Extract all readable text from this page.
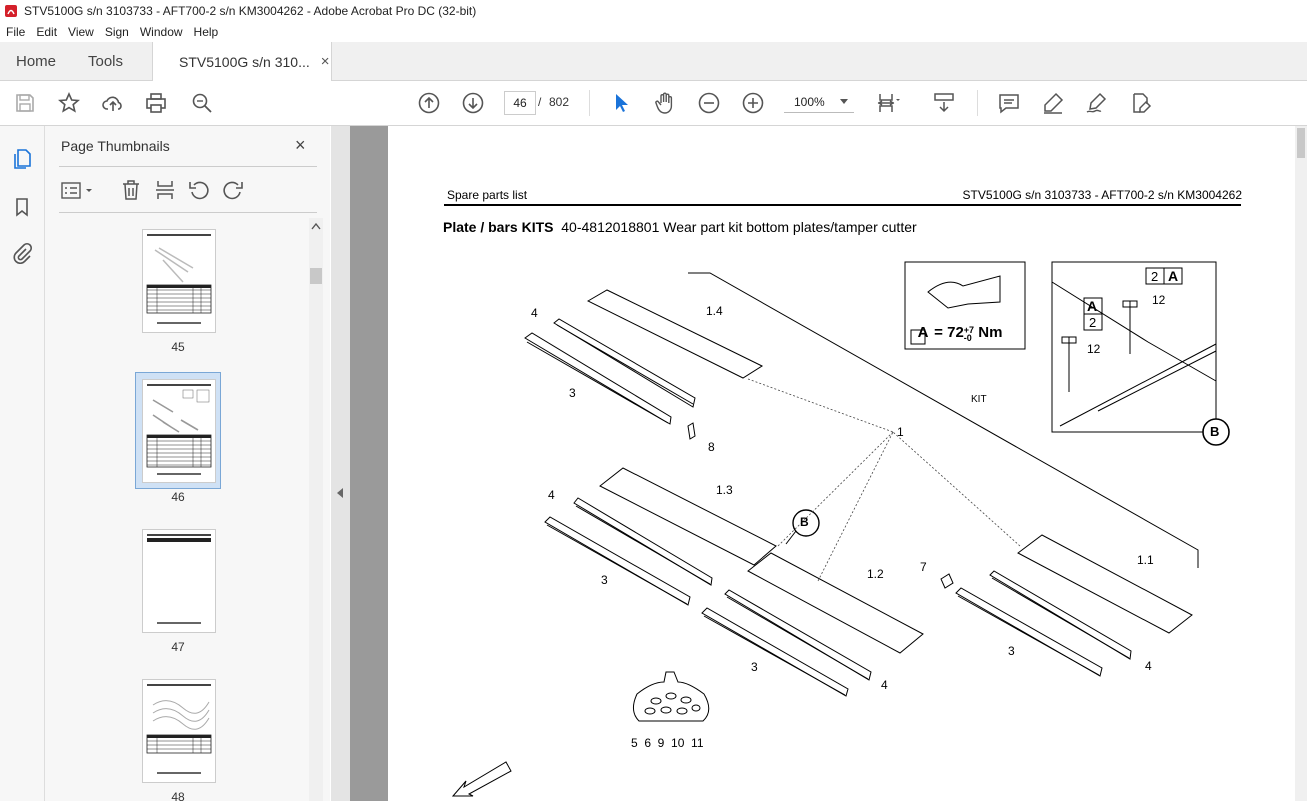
STV5100G s/n 3103733 - AFT700-2 s/n KM3004262 - Adobe Acrobat Pro DC (32-bit)
File Edit View Sign Window Help
Home Tools	STV5100G s/n 310... ×
46 / 802	100%
Page Thumbnails	×
45
46
47
48
Spare parts list	STV5100G s/n 3103733 - AFT700-2 s/n KM3004262
Plate / bars KITS 40-4812018801 Wear part kit bottom plates/tamper cutter
A = 72+7
-0 Nm
1.4
4
3
8
1
KIT
1.3
4
3
B
1.2
3
4
7	1.1
3
4
5  6  9  10  11
12
12
2 A
A
2
B
